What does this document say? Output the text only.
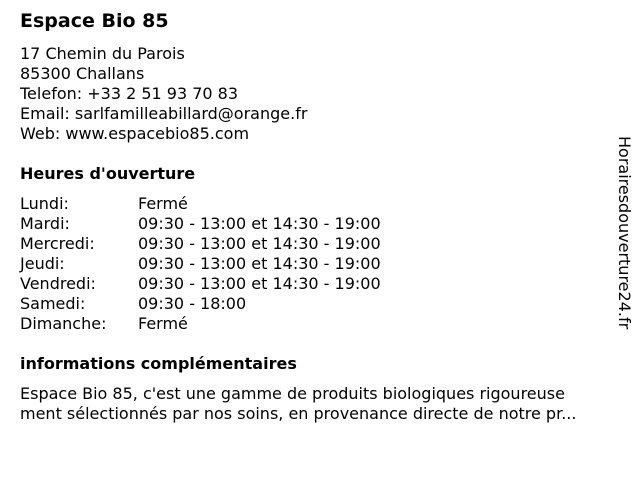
Espace Bio 85
17 Chemin du Parois
85300 Challans
Telefon: +33 2 51 93 70 83
Email: sarlfamilleabillard@orange.fr
Web: www.espacebio85.com
Heures d'ouverture
Lundi:	Fermé
Mardi:	09:30 - 13:00 et 14:30 - 19:00
Mercredi:	09:30 - 13:00 et 14:30 - 19:00
Jeudi:	09:30 - 13:00 et 14:30 - 19:00
Vendredi:	09:30 - 13:00 et 14:30 - 19:00
Samedi:	09:30 - 18:00
Dimanche: Fermé
informations complémentaires
Espace Bio 85, c'est une gamme de produits biologiques rigoureuse
ment sélectionnés par nos soins, en provenance directe de notre pr...
Horairesdouverture24.fr
